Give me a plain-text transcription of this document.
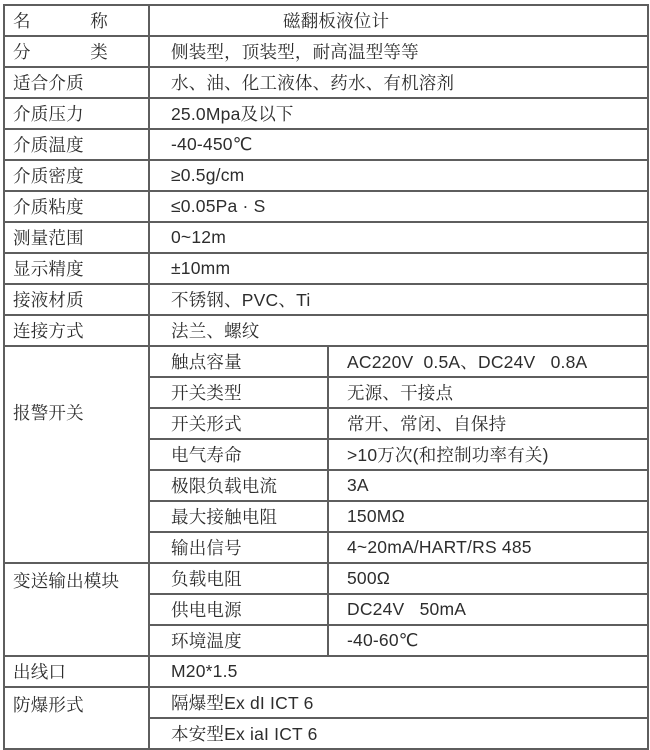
名 称	磁翻板液位计	

分 类	侧装型，顶装型，耐高温型等等	
适合介质	水、油、化工液体、药水、有机溶剂	
介质压力	25.0Mpa及以下	
介质温度	-40-450℃	
介质密度	≥0.5g/cm	
介质粘度	≤0.05Pa · S	
测量范围	0~12m	
显示精度	±10mm	
接液材质	不锈钢、PVC、Ti	
连接方式	法兰、螺纹	
报警开关	触点容量	AC220V  0.5A、DC24V   0.8A
	开关类型	无源、干接点
	开关形式	常开、常闭、自保持
	电气寿命	>10万次(和控制功率有关)
	极限负载电流	3A
	最大接触电阻	150MΩ
	输出信号	4~20mA/HART/RS 485
变送输出模块	负载电阻	500Ω
	供电电源	DC24V   50mA
	环境温度	-40-60℃
出线口	M20*1.5	
防爆形式	隔爆型Ex dI ICT 6	
	本安型Ex iaI ICT 6	
